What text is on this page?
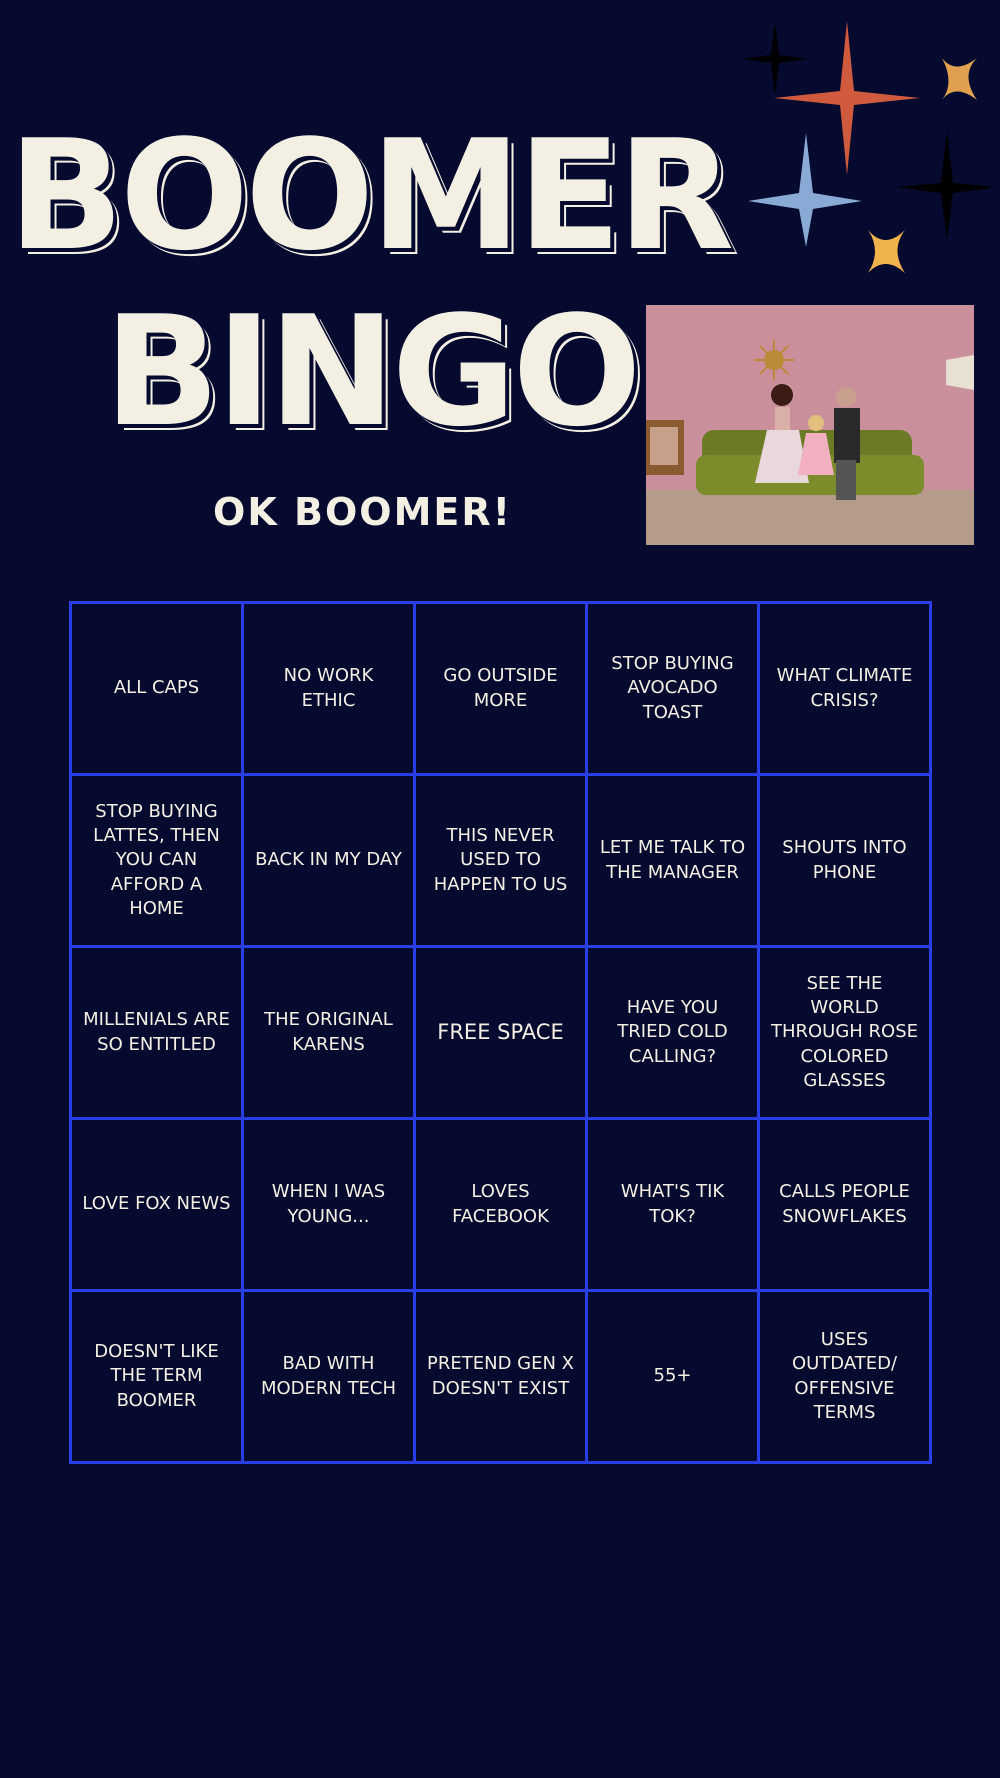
BOOMER
BINGO

OK BOOMER!

ALL CAPS
NO WORK ETHIC
GO OUTSIDE MORE
STOP BUYING AVOCADO TOAST
WHAT CLIMATE CRISIS?
STOP BUYING LATTES, THEN YOU CAN AFFORD A HOME
BACK IN MY DAY
THIS NEVER USED TO HAPPEN TO US
LET ME TALK TO THE MANAGER
SHOUTS INTO PHONE
MILLENIALS ARE SO ENTITLED
THE ORIGINAL KARENS	FREE SPACE
HAVE YOU TRIED COLD CALLING?
SEE THE WORLD THROUGH ROSE COLORED GLASSES
LOVE FOX NEWS
WHEN I WAS YOUNG...
LOVES FACEBOOK
WHAT'S TIK TOK?
CALLS PEOPLE SNOWFLAKES
DOESN'T LIKE THE TERM BOOMER
BAD WITH MODERN TECH
PRETEND GEN X DOESN'T EXIST
55+
USES OUTDATED/ OFFENSIVE TERMS
